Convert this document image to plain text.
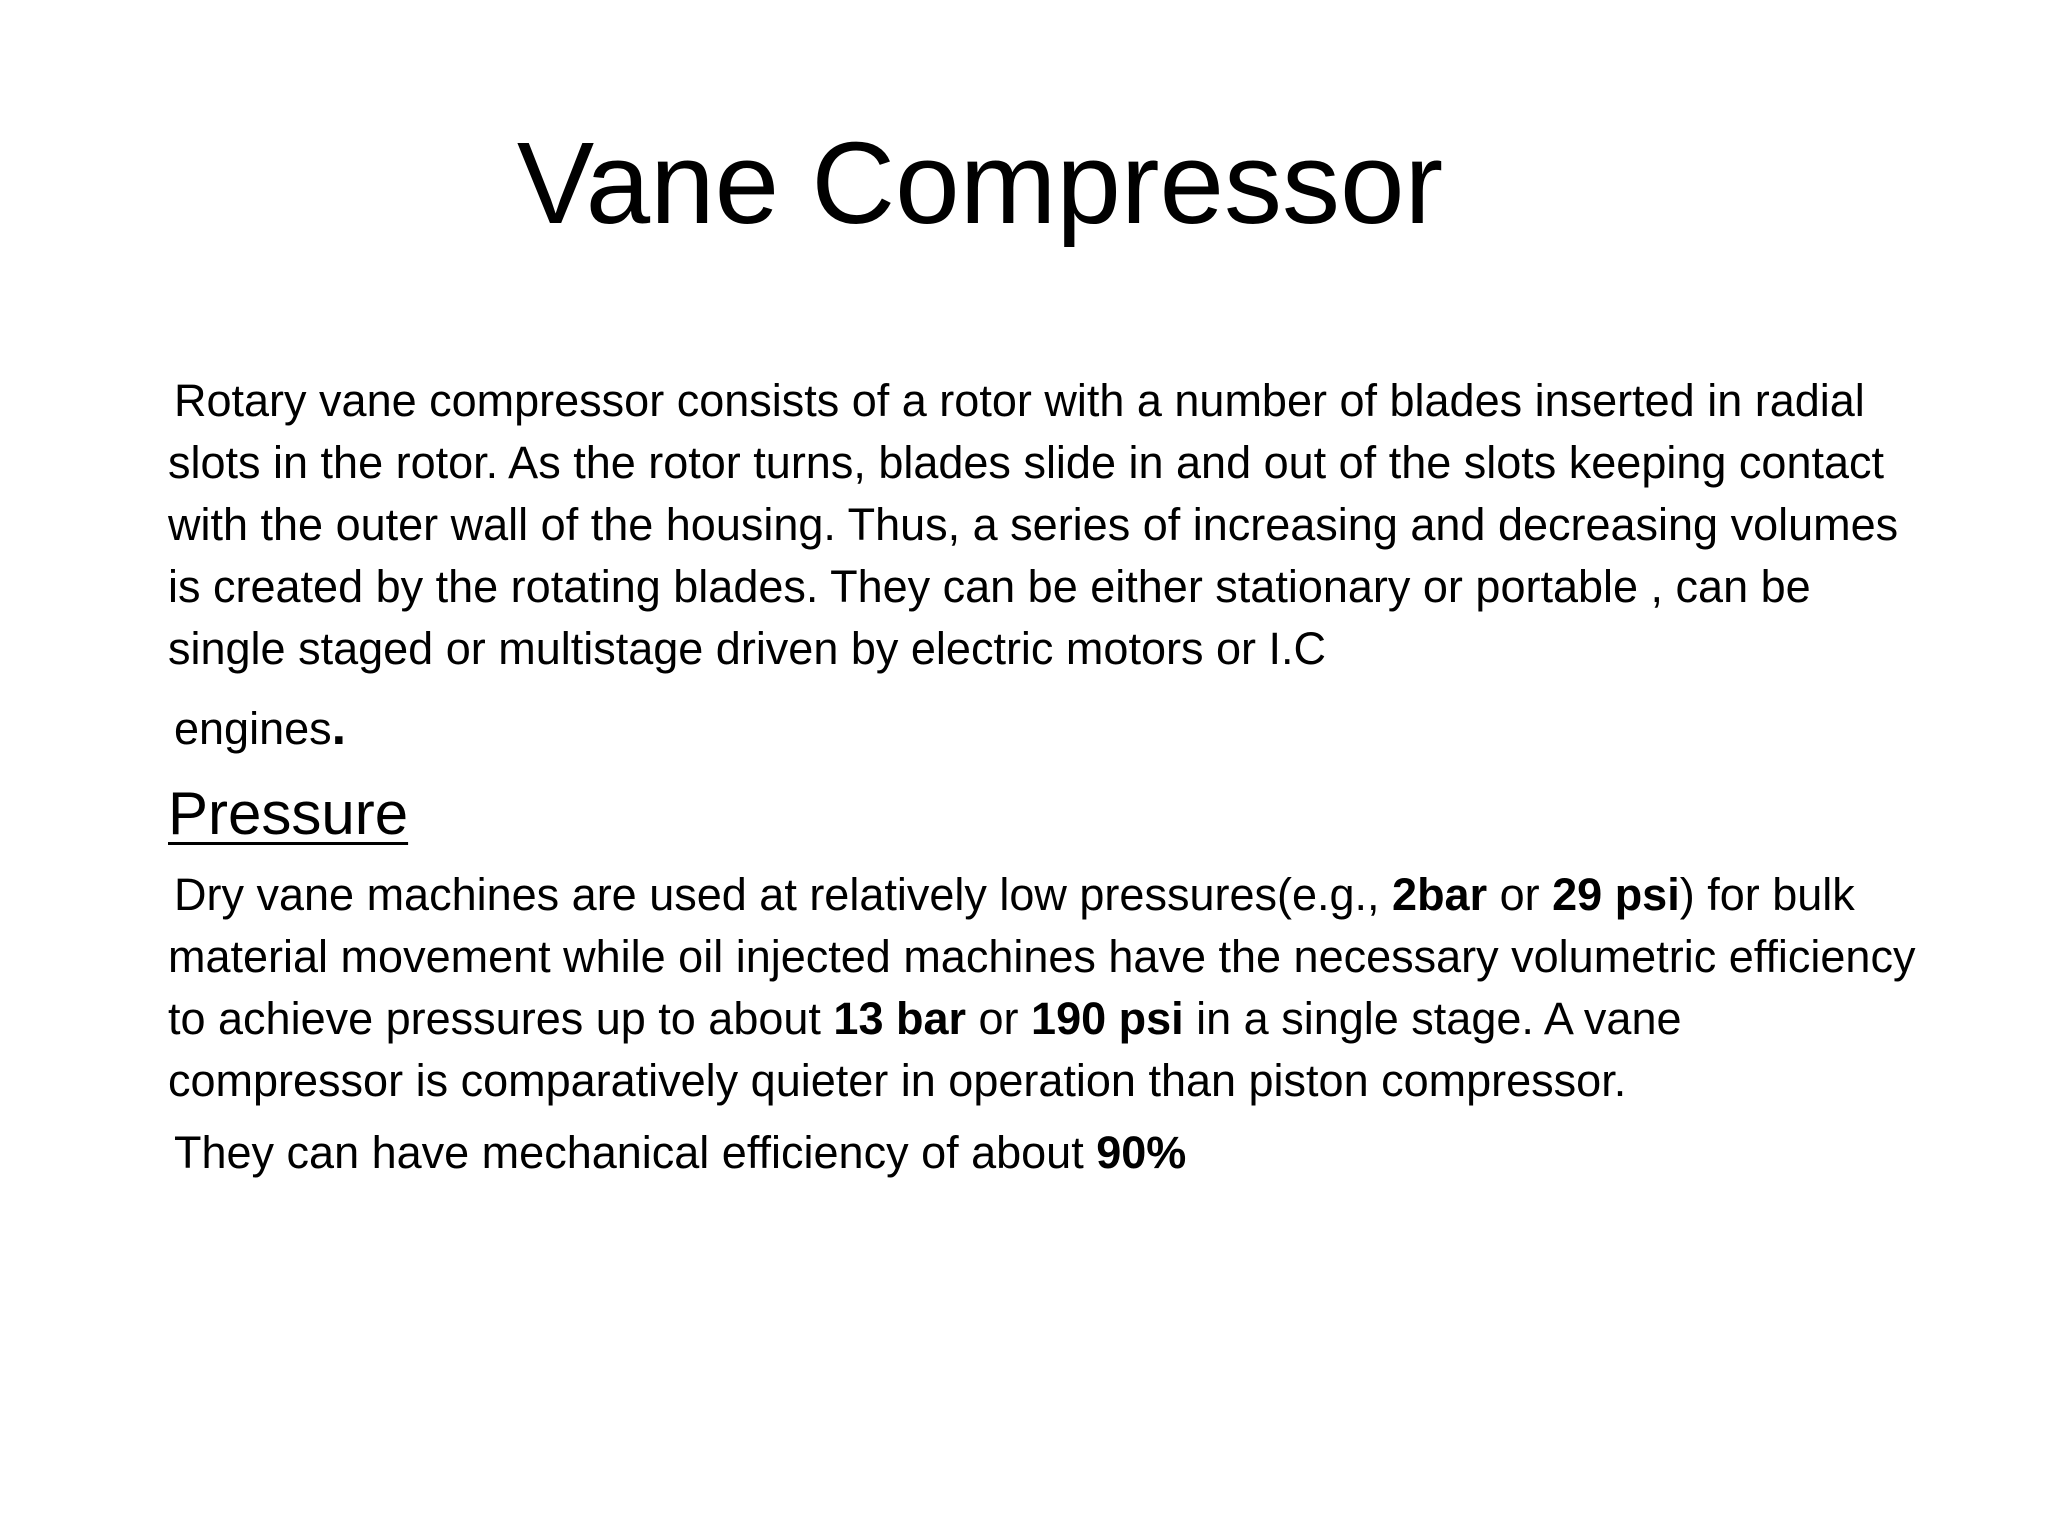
Vane Compressor

Rotary vane compressor consists of a rotor with a number of blades inserted in radial slots in the rotor. As the rotor turns, blades slide in and out of the slots keeping contact with the outer wall of the housing. Thus, a series of increasing and decreasing volumes is created by the rotating blades. They can be either stationary or portable , can be single staged or multistage driven by electric motors or I.C
engines.

Pressure

Dry vane machines are used at relatively low pressures(e.g., 2bar or 29 psi) for bulk material movement while oil injected machines have the necessary volumetric efficiency to achieve pressures up to about 13 bar or 190 psi in a single stage. A vane compressor is comparatively quieter in operation than piston compressor.

They can have mechanical efficiency of about 90%
